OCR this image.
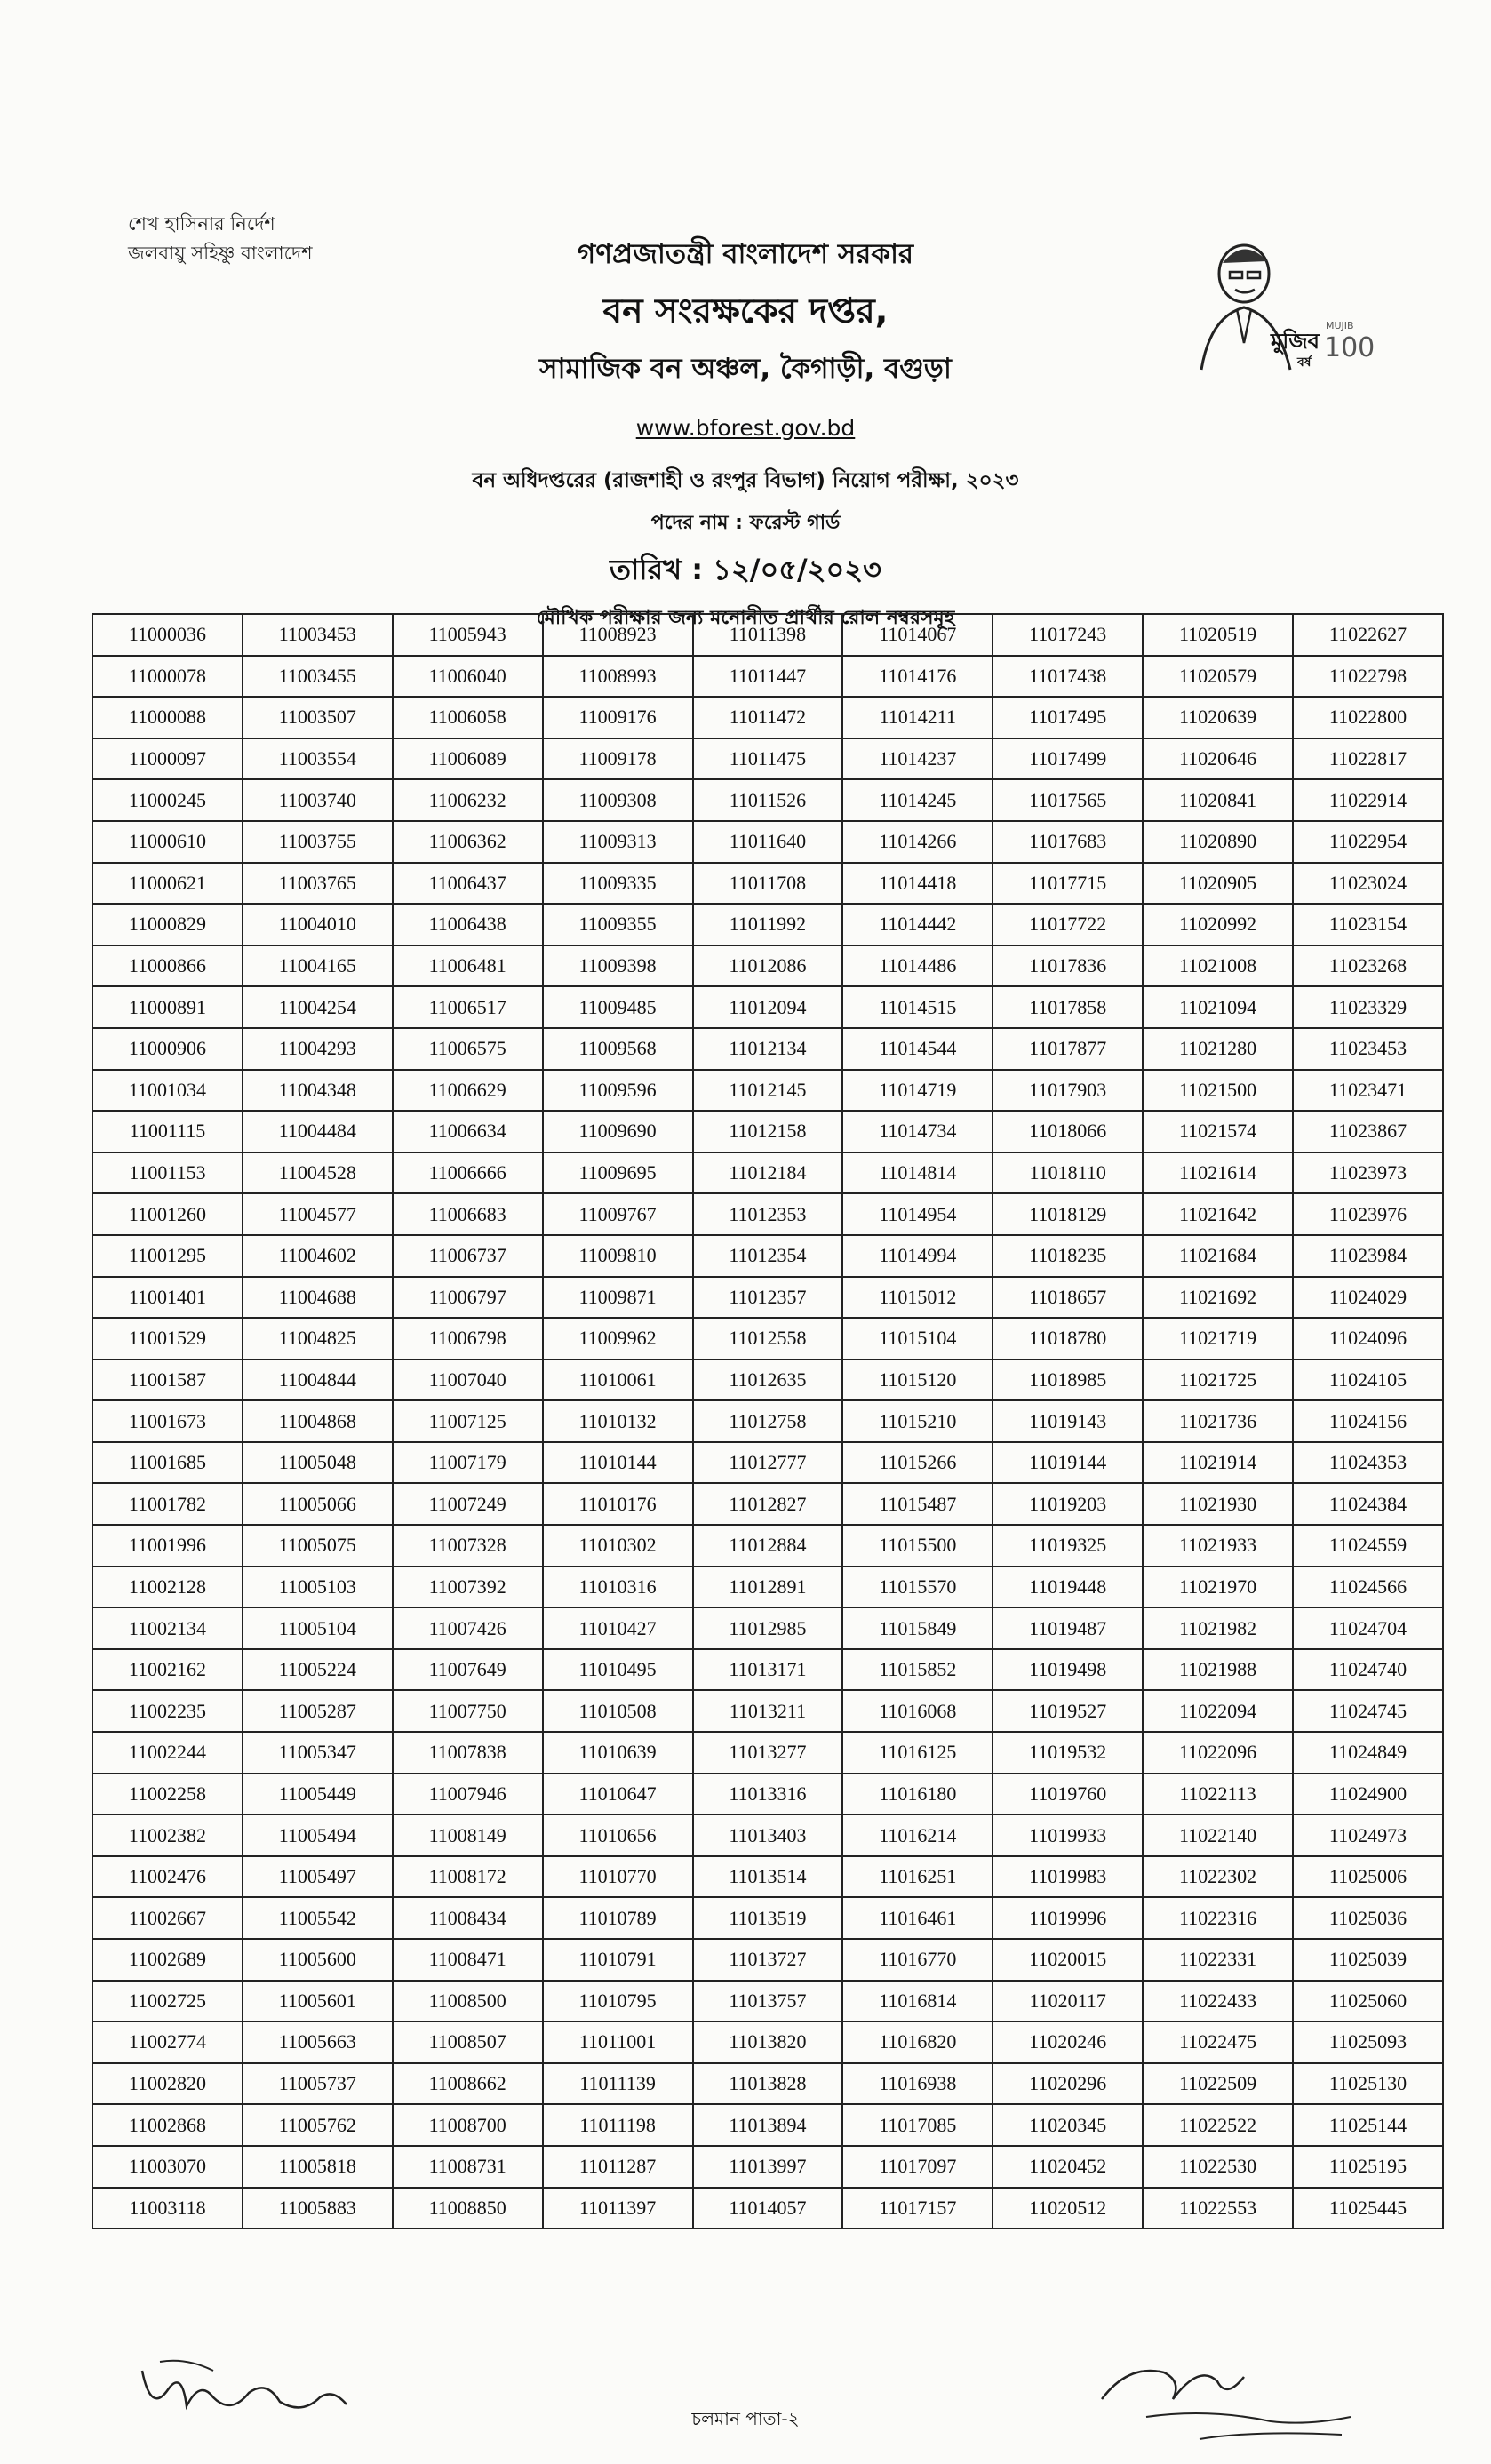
শেখ হাসিনার নির্দেশ
জলবায়ু সহিষ্ণু বাংলাদেশ	গণপ্রজাতন্ত্রী বাংলাদেশ সরকার
বন সংরক্ষকের দপ্তর,
সামাজিক বন অঞ্চল, কৈগাড়ী, বগুড়া
www.bforest.gov.bd
বন অধিদপ্তরের (রাজশাহী ও রংপুর বিভাগ) নিয়োগ পরীক্ষা, ২০২৩
পদের নাম : ফরেস্ট গার্ড
তারিখ : ১২/০৫/২০২৩
মৌখিক পরীক্ষার জন্য মনোনীত প্রার্থীর রোল নম্বরসমূহ
মুজিব
MUJIB
বর্ষ 100
11000036	11003453	11005943	11008923	11011398	11014067	11017243	11020519	11022627
11000078	11003455	11006040	11008993	11011447	11014176	11017438	11020579	11022798
11000088	11003507	11006058	11009176	11011472	11014211	11017495	11020639	11022800
11000097	11003554	11006089	11009178	11011475	11014237	11017499	11020646	11022817
11000245	11003740	11006232	11009308	11011526	11014245	11017565	11020841	11022914
11000610	11003755	11006362	11009313	11011640	11014266	11017683	11020890	11022954
11000621	11003765	11006437	11009335	11011708	11014418	11017715	11020905	11023024
11000829	11004010	11006438	11009355	11011992	11014442	11017722	11020992	11023154
11000866	11004165	11006481	11009398	11012086	11014486	11017836	11021008	11023268
11000891	11004254	11006517	11009485	11012094	11014515	11017858	11021094	11023329
11000906	11004293	11006575	11009568	11012134	11014544	11017877	11021280	11023453
11001034	11004348	11006629	11009596	11012145	11014719	11017903	11021500	11023471
11001115	11004484	11006634	11009690	11012158	11014734	11018066	11021574	11023867
11001153	11004528	11006666	11009695	11012184	11014814	11018110	11021614	11023973
11001260	11004577	11006683	11009767	11012353	11014954	11018129	11021642	11023976
11001295	11004602	11006737	11009810	11012354	11014994	11018235	11021684	11023984
11001401	11004688	11006797	11009871	11012357	11015012	11018657	11021692	11024029
11001529	11004825	11006798	11009962	11012558	11015104	11018780	11021719	11024096
11001587	11004844	11007040	11010061	11012635	11015120	11018985	11021725	11024105
11001673	11004868	11007125	11010132	11012758	11015210	11019143	11021736	11024156
11001685	11005048	11007179	11010144	11012777	11015266	11019144	11021914	11024353
11001782	11005066	11007249	11010176	11012827	11015487	11019203	11021930	11024384
11001996	11005075	11007328	11010302	11012884	11015500	11019325	11021933	11024559
11002128	11005103	11007392	11010316	11012891	11015570	11019448	11021970	11024566
11002134	11005104	11007426	11010427	11012985	11015849	11019487	11021982	11024704
11002162	11005224	11007649	11010495	11013171	11015852	11019498	11021988	11024740
11002235	11005287	11007750	11010508	11013211	11016068	11019527	11022094	11024745
11002244	11005347	11007838	11010639	11013277	11016125	11019532	11022096	11024849
11002258	11005449	11007946	11010647	11013316	11016180	11019760	11022113	11024900
11002382	11005494	11008149	11010656	11013403	11016214	11019933	11022140	11024973
11002476	11005497	11008172	11010770	11013514	11016251	11019983	11022302	11025006
11002667	11005542	11008434	11010789	11013519	11016461	11019996	11022316	11025036
11002689	11005600	11008471	11010791	11013727	11016770	11020015	11022331	11025039
11002725	11005601	11008500	11010795	11013757	11016814	11020117	11022433	11025060
11002774	11005663	11008507	11011001	11013820	11016820	11020246	11022475	11025093
11002820	11005737	11008662	11011139	11013828	11016938	11020296	11022509	11025130
11002868	11005762	11008700	11011198	11013894	11017085	11020345	11022522	11025144
11003070	11005818	11008731	11011287	11013997	11017097	11020452	11022530	11025195
11003118	11005883	11008850	11011397	11014057	11017157	11020512	11022553	11025445
চলমান পাতা-২
